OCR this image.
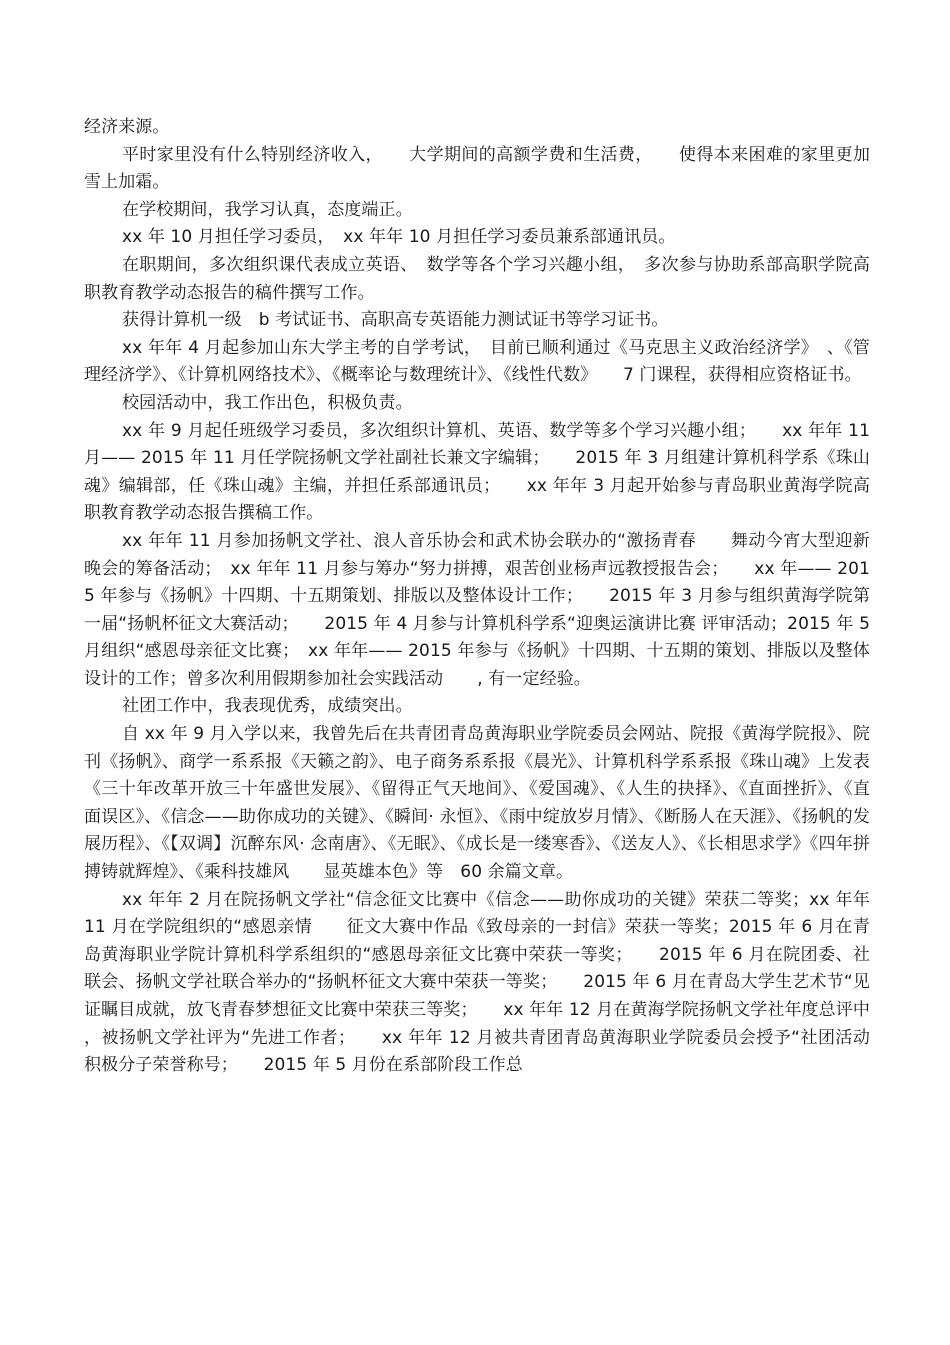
经济来源。

平时家里没有什么特别经济收入，　　大学期间的高额学费和生活费，　　使得本来困难的家里更加雪上加霜。

在学校期间，我学习认真，态度端正。

xx 年 10 月担任学习委员，　xx 年年 10 月担任学习委员兼系部通讯员。

在职期间，多次组织课代表成立英语、　数学等各个学习兴趣小组，　多次参与协助系部高职学院高职教育教学动态报告的稿件撰写工作。

获得计算机一级　b 考试证书、高职高专英语能力测试证书等学习证书。

xx 年年 4 月起参加山东大学主考的自学考试，　目前已顺利通过《马克思主义政治经济学》　、《管理经济学》、《计算机网络技术》、《概率论与数理统计》、《线性代数》　　7 门课程，获得相应资格证书。

校园活动中，我工作出色，积极负责。

xx 年 9 月起任班级学习委员，多次组织计算机、英语、数学等多个学习兴趣小组；　　xx 年年 11 月—— 2015 年 11 月任学院扬帆文学社副社长兼文字编辑；　　2015 年 3 月组建计算机科学系《珠山魂》编辑部，任《珠山魂》主编，并担任系部通讯员；　　xx 年年 3 月起开始参与青岛职业黄海学院高职教育教学动态报告撰稿工作。

xx 年年 11 月参加扬帆文学社、浪人音乐协会和武术协会联办的“激扬青春　　舞动今宵大型迎新晚会的筹备活动；　xx 年年 11 月参与筹办“努力拼搏，艰苦创业杨声远教授报告会；　　xx 年—— 2015 年参与《扬帆》十四期、十五期策划、排版以及整体设计工作；　　2015 年 3 月参与组织黄海学院第一届“扬帆杯征文大赛活动；　　2015 年 4 月参与计算机科学系“迎奥运演讲比赛 评审活动；2015 年 5 月组织“感恩母亲征文比赛；　xx 年年—— 2015 年参与《扬帆》十四期、十五期的策划、排版以及整体设计的工作；曾多次利用假期参加社会实践活动　　, 有一定经验。

社团工作中，我表现优秀，成绩突出。

自 xx 年 9 月入学以来，我曾先后在共青团青岛黄海职业学院委员会网站、院报《黄海学院报》、院刊《扬帆》、商学一系系报《天籁之韵》、电子商务系系报《晨光》、计算机科学系系报《珠山魂》上发表《三十年改革开放三十年盛世发展》、《留得正气天地间》、《爱国魂》、《人生的抉择》、《直面挫折》、《直面误区》、《信念——助你成功的关键》、《瞬间· 永恒》、《雨中绽放岁月情》、《断肠人在天涯》、《扬帆的发展历程》、《【双调】沉醉东风· 念南唐》、《无眠》、《成长是一缕寒香》、《送友人》、《长相思求学》《四年拼搏铸就辉煌》、《乘科技雄风　　显英雄本色》等　60 余篇文章。

xx 年年 2 月在院扬帆文学社“信念征文比赛中《信念——助你成功的关键》荣获二等奖；xx 年年 11 月在学院组织的“感恩亲情　　征文大赛中作品《致母亲的一封信》荣获一等奖；2015 年 6 月在青岛黄海职业学院计算机科学系组织的“感恩母亲征文比赛中荣获一等奖；　　2015 年 6 月在院团委、社联会、扬帆文学社联合举办的“扬帆杯征文大赛中荣获一等奖；　　2015 年 6 月在青岛大学生艺术节“见证瞩目成就，放飞青春梦想征文比赛中荣获三等奖；　　xx 年年 12 月在黄海学院扬帆文学社年度总评中，被扬帆文学社评为“先进工作者；　　xx 年年 12 月被共青团青岛黄海职业学院委员会授予“社团活动积极分子荣誉称号；　　2015 年 5 月份在系部阶段工作总
